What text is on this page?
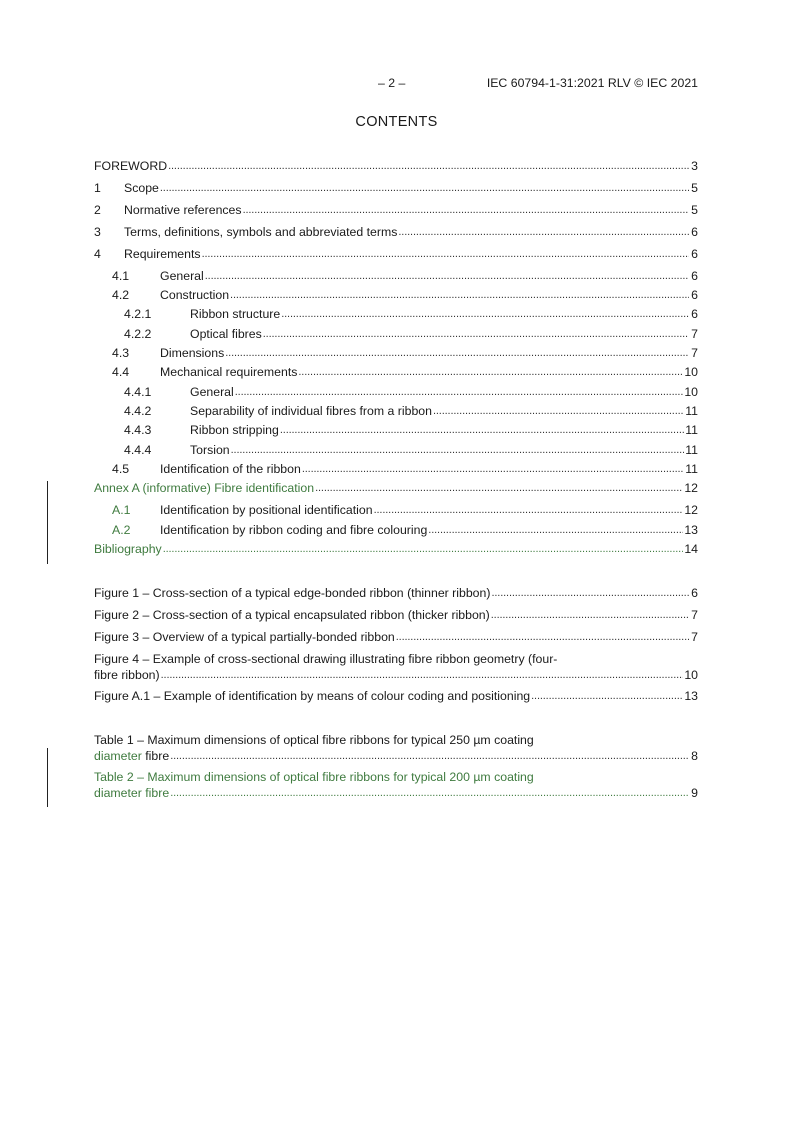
– 2 –	IEC 60794-1-31:2021 RLV © IEC 2021
CONTENTS
FOREWORD . . .	3
1	Scope . . .	5
2	Normative references . . .	5
3	Terms, definitions, symbols and abbreviated terms . . .	6
4	Requirements . . .	6
4.1	General . . .	6
4.2	Construction . . .	6
4.2.1	Ribbon structure . . .	6
4.2.2	Optical fibres . . .	7
4.3	Dimensions . . .	7
4.4	Mechanical requirements . . .	10
4.4.1	General . . .	10
4.4.2	Separability of individual fibres from a ribbon . . .	11
4.4.3	Ribbon stripping . . .	11
4.4.4	Torsion . . .	11
4.5	Identification of the ribbon . . .	11
Annex A (informative) Fibre identification . . .	12
A.1	Identification by positional identification . . .	12
A.2	Identification by ribbon coding and fibre colouring . . .	13
Bibliography . . .	14
Figure 1 – Cross-section of a typical edge-bonded ribbon (thinner ribbon) . . .	6
Figure 2 – Cross-section of a typical encapsulated ribbon (thicker ribbon) . . .	7
Figure 3 – Overview of a typical partially-bonded ribbon . . .	7
Figure 4 – Example of cross-sectional drawing illustrating fibre ribbon geometry (four-
fibre ribbon) . . .	10
Figure A.1 – Example of identification by means of colour coding and positioning . . .	13
Table 1 – Maximum dimensions of optical fibre ribbons for typical 250 µm coating
diameter fibre . . .	8
Table 2 – Maximum dimensions of optical fibre ribbons for typical 200 µm coating
diameter fibre . . .	9
